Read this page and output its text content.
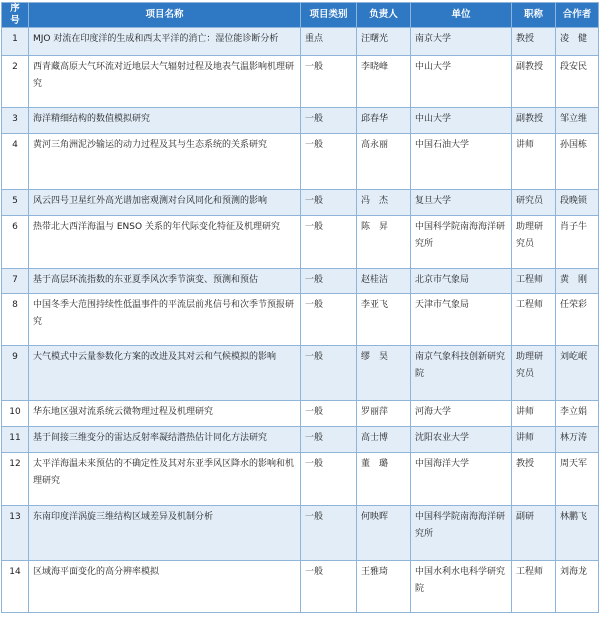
序号	项目名称	项目类别	负责人	单位	职称	合作者
1	MJO 对流在印度洋的生成和西太平洋的消亡：湿位能诊断分析	重点	汪曙光	南京大学	教授	凌　健
2	西青藏高原大气环流对近地层大气辐射过程及地表气温影响机理研究	一般	李晓峰	中山大学	副教授	段安民
3	海洋精细结构的数值模拟研究	一般	邱春华	中山大学	副教授	邹立维
4	黄河三角洲泥沙输运的动力过程及其与生态系统的关系研究	一般	高永丽	中国石油大学	讲师	孙国栋
5	风云四号卫星红外高光谱加密观测对台风同化和预测的影响	一般	冯　杰	复旦大学	研究员	段晚锁
6	热带北大西洋海温与 ENSO 关系的年代际变化特征及机理研究	一般	陈　昇	中国科学院南海海洋研究所	助理研究员	肖子牛
7	基于高层环流指数的东亚夏季风次季节演变、预测和预估	一般	赵桂洁	北京市气象局	工程师	黄　刚
8	中国冬季大范围持续性低温事件的平流层前兆信号和次季节预报研究	一般	李亚飞	天津市气象局	工程师	任荣彩
9	大气模式中云量参数化方案的改进及其对云和气候模拟的影响	一般	缪　昊	南京气象科技创新研究院	助理研究员	刘屹岷
10	华东地区强对流系统云微物理过程及机理研究	一般	罗丽萍	河海大学	讲师	李立娟
11	基于间接三维变分的雷达反射率凝结潜热估计同化方法研究	一般	高士博	沈阳农业大学	讲师	林万涛
12	太平洋海温未来预估的不确定性及其对东亚季风区降水的影响和机理研究	一般	董　璐	中国海洋大学	教授	周天军
13	东南印度洋涡旋三维结构区域差异及机制分析	一般	何映晖	中国科学院南海海洋研究所	副研	林鹏飞
14	区域海平面变化的高分辨率模拟	一般	王雅琦	中国水利水电科学研究院	工程师	刘海龙
